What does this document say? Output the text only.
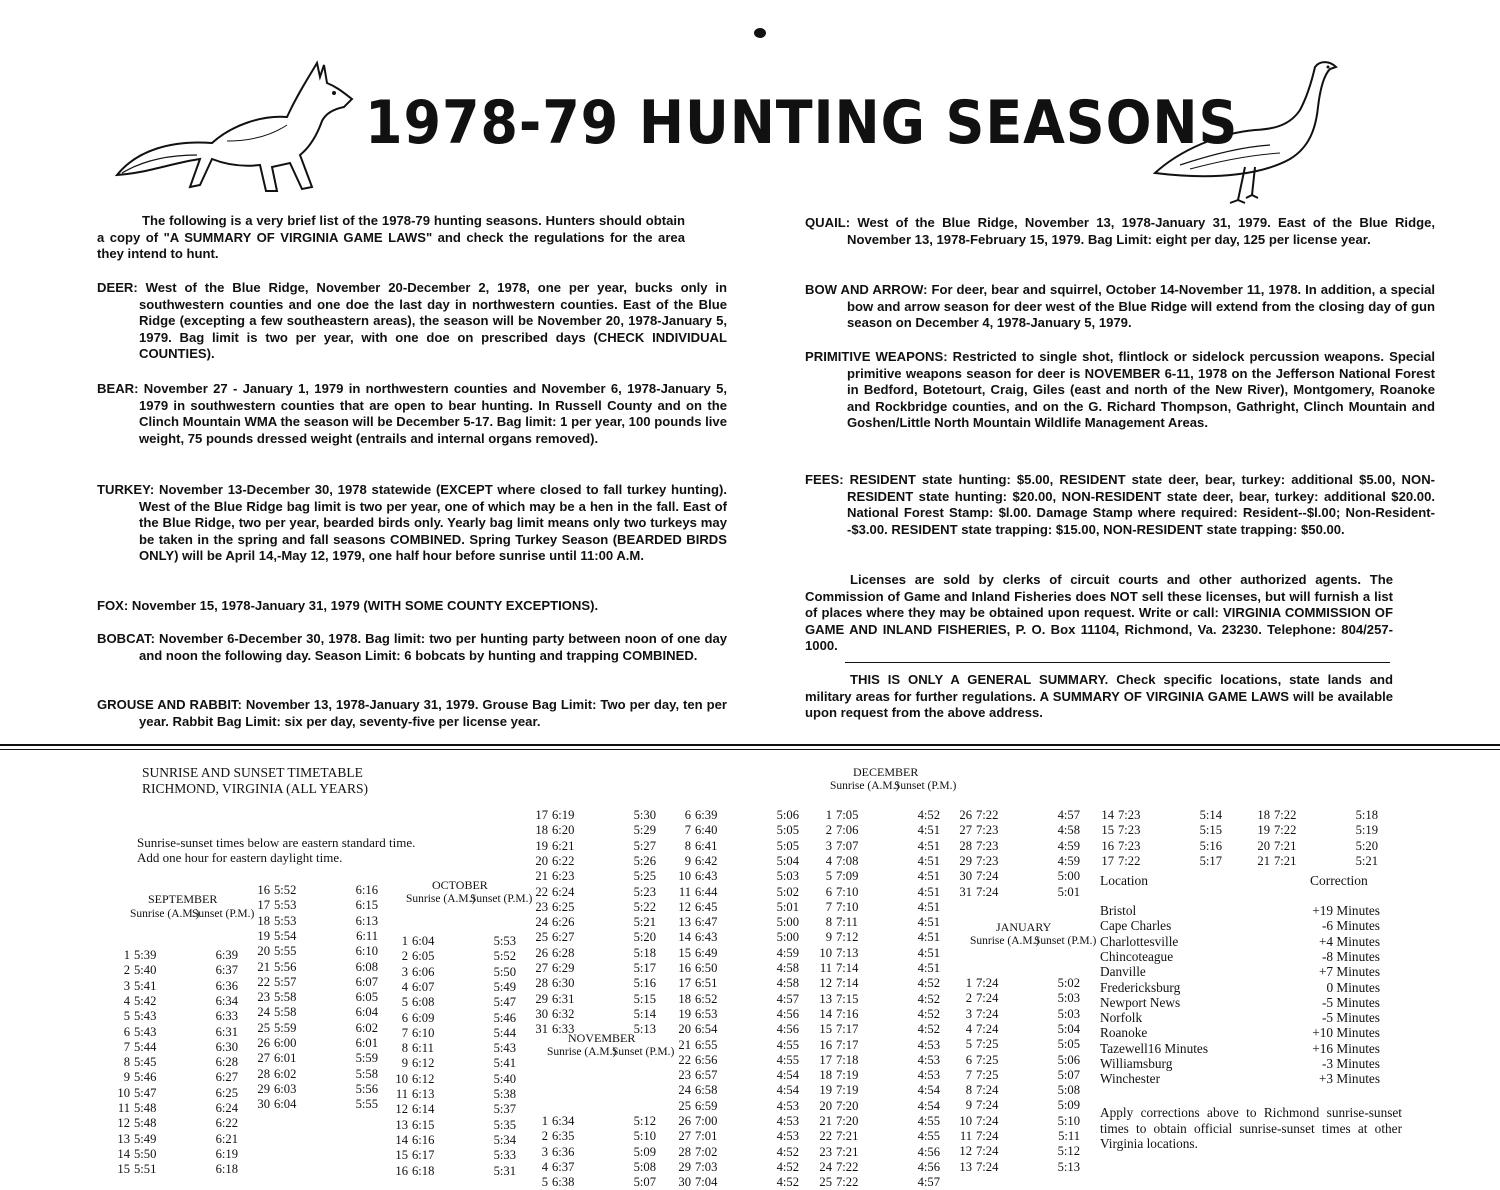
1978-79 HUNTING SEASONS
The following is a very brief list of the 1978-79 hunting seasons. Hunters should obtain a copy of "A SUMMARY OF VIRGINIA GAME LAWS" and check the regulations for the area they intend to hunt.
DEER: West of the Blue Ridge, November 20-December 2, 1978, one per year, bucks only in southwestern counties and one doe the last day in northwestern counties. East of the Blue Ridge (excepting a few southeastern areas), the season will be November 20, 1978-January 5, 1979. Bag limit is two per year, with one doe on prescribed days (CHECK INDIVIDUAL COUNTIES).
BEAR: November 27 - January 1, 1979 in northwestern counties and November 6, 1978-January 5, 1979 in southwestern counties that are open to bear hunting. In Russell County and on the Clinch Mountain WMA the season will be December 5-17. Bag limit: 1 per year, 100 pounds live weight, 75 pounds dressed weight (entrails and internal organs removed).
TURKEY: November 13-December 30, 1978 statewide (EXCEPT where closed to fall turkey hunting). West of the Blue Ridge bag limit is two per year, one of which may be a hen in the fall. East of the Blue Ridge, two per year, bearded birds only. Yearly bag limit means only two turkeys may be taken in the spring and fall seasons COMBINED. Spring Turkey Season (BEARDED BIRDS ONLY) will be April 14,-May 12, 1979, one half hour before sunrise until 11:00 A.M.
FOX: November 15, 1978-January 31, 1979 (WITH SOME COUNTY EXCEPTIONS).
BOBCAT: November 6-December 30, 1978. Bag limit: two per hunting party between noon of one day and noon the following day. Season Limit: 6 bobcats by hunting and trapping COMBINED.
GROUSE AND RABBIT: November 13, 1978-January 31, 1979. Grouse Bag Limit: Two per day, ten per year. Rabbit Bag Limit: six per day, seventy-five per license year.
QUAIL: West of the Blue Ridge, November 13, 1978-January 31, 1979. East of the Blue Ridge, November 13, 1978-February 15, 1979. Bag Limit: eight per day, 125 per license year.
BOW AND ARROW: For deer, bear and squirrel, October 14-November 11, 1978. In addition, a special bow and arrow season for deer west of the Blue Ridge will extend from the closing day of gun season on December 4, 1978-January 5, 1979.
PRIMITIVE WEAPONS: Restricted to single shot, flintlock or sidelock percussion weapons. Special primitive weapons season for deer is NOVEMBER 6-11, 1978 on the Jefferson National Forest in Bedford, Botetourt, Craig, Giles (east and north of the New River), Montgomery, Roanoke and Rockbridge counties, and on the G. Richard Thompson, Gathright, Clinch Mountain and Goshen/Little North Mountain Wildlife Management Areas.
FEES: RESIDENT state hunting: $5.00, RESIDENT state deer, bear, turkey: additional $5.00, NON-RESIDENT state hunting: $20.00, NON-RESIDENT state deer, bear, turkey: additional $20.00. National Forest Stamp: $l.00. Damage Stamp where required: Resident--$l.00; Non-Resident--$3.00. RESIDENT state trapping: $15.00, NON-RESIDENT state trapping: $50.00.
Licenses are sold by clerks of circuit courts and other authorized agents. The Commission of Game and Inland Fisheries does NOT sell these licenses, but will furnish a list of places where they may be obtained upon request. Write or call: VIRGINIA COMMISSION OF GAME AND INLAND FISHERIES, P. O. Box 11104, Richmond, Va. 23230. Telephone: 804/257-1000.
THIS IS ONLY A GENERAL SUMMARY. Check specific locations, state lands and military areas for further regulations. A SUMMARY OF VIRGINIA GAME LAWS will be available upon request from the above address.
SUNRISE AND SUNSET TIMETABLE
RICHMOND, VIRGINIA (ALL YEARS)
Sunrise-sunset times below are eastern standard time.
Add one hour for eastern daylight time.
SEPTEMBER
Sunrise (A.M.)
Sunset (P.M.)
OCTOBER
Sunrise (A.M.)
Sunset (P.M.)
NOVEMBER
Sunrise (A.M.)
Sunset (P.M.)
DECEMBER
Sunrise (A.M.)
Sunset (P.M.)
JANUARY
Sunrise (A.M.)
Sunset (P.M.)
1 5:39	6:39
2 5:40	6:37
3 5:41	6:36
4 5:42	6:34
5 5:43	6:33
6 5:43	6:31
7 5:44	6:30
8 5:45	6:28
9 5:46	6:27
10 5:47	6:25
11 5:48	6:24
12 5:48	6:22
13 5:49	6:21
14 5:50	6:19
15 5:51	6:18
16 5:52	6:16
17 5:53	6:15
18 5:53	6:13
19 5:54	6:11
20 5:55	6:10
21 5:56	6:08
22 5:57	6:07
23 5:58	6:05
24 5:58	6:04
25 5:59	6:02
26 6:00	6:01
27 6:01	5:59
28 6:02	5:58
29 6:03	5:56
30 6:04	5:55
1 6:04	5:53
2 6:05	5:52
3 6:06	5:50
4 6:07	5:49
5 6:08	5:47
6 6:09	5:46
7 6:10	5:44
8 6:11	5:43
9 6:12	5:41
10 6:12	5:40
11 6:13	5:38
12 6:14	5:37
13 6:15	5:35
14 6:16	5:34
15 6:17	5:33
16 6:18	5:31
17 6:19	5:30
18 6:20	5:29
19 6:21	5:27
20 6:22	5:26
21 6:23	5:25
22 6:24	5:23
23 6:25	5:22
24 6:26	5:21
25 6:27	5:20
26 6:28	5:18
27 6:29	5:17
28 6:30	5:16
29 6:31	5:15
30 6:32	5:14
31 6:33	5:13
1 6:34	5:12
2 6:35	5:10
3 6:36	5:09
4 6:37	5:08
5 6:38	5:07
6 6:39	5:06
7 6:40	5:05
8 6:41	5:05
9 6:42	5:04
10 6:43	5:03
11 6:44	5:02
12 6:45	5:01
13 6:47	5:00
14 6:43	5:00
15 6:49	4:59
16 6:50	4:58
17 6:51	4:58
18 6:52	4:57
19 6:53	4:56
20 6:54	4:56
21 6:55	4:55
22 6:56	4:55
23 6:57	4:54
24 6:58	4:54
25 6:59	4:53
26 7:00	4:53
27 7:01	4:53
28 7:02	4:52
29 7:03	4:52
30 7:04	4:52
1 7:05	4:52
2 7:06	4:51
3 7:07	4:51
4 7:08	4:51
5 7:09	4:51
6 7:10	4:51
7 7:10	4:51
8 7:11	4:51
9 7:12	4:51
10 7:13	4:51
11 7:14	4:51
12 7:14	4:52
13 7:15	4:52
14 7:16	4:52
15 7:17	4:52
16 7:17	4:53
17 7:18	4:53
18 7:19	4:53
19 7:19	4:54
20 7:20	4:54
21 7:20	4:55
22 7:21	4:55
23 7:21	4:56
24 7:22	4:56
25 7:22	4:57
26 7:22	4:57
27 7:23	4:58
28 7:23	4:59
29 7:23	4:59
30 7:24	5:00
31 7:24	5:01
1 7:24	5:02
2 7:24	5:03
3 7:24	5:03
4 7:24	5:04
5 7:25	5:05
6 7:25	5:06
7 7:25	5:07
8 7:24	5:08
9 7:24	5:09
10 7:24	5:10
11 7:24	5:11
12 7:24	5:12
13 7:24	5:13
14 7:23	5:14
15 7:23	5:15
16 7:23	5:16
17 7:22	5:17
18 7:22	5:18
19 7:22	5:19
20 7:21	5:20
21 7:21	5:21
Location	Correction
Bristol	+19 Minutes
Cape Charles	-6 Minutes
Charlottesville	+4 Minutes
Chincoteague	-8 Minutes
Danville	+7 Minutes
Fredericksburg	0 Minutes
Newport News	-5 Minutes
Norfolk	-5 Minutes
Roanoke	+10 Minutes
Tazewell16 Minutes	+16 Minutes
Williamsburg	-3 Minutes
Winchester	+3 Minutes
Apply corrections above to Richmond sunrise-sunset times to obtain official sunrise-sunset times at other Virginia locations.
